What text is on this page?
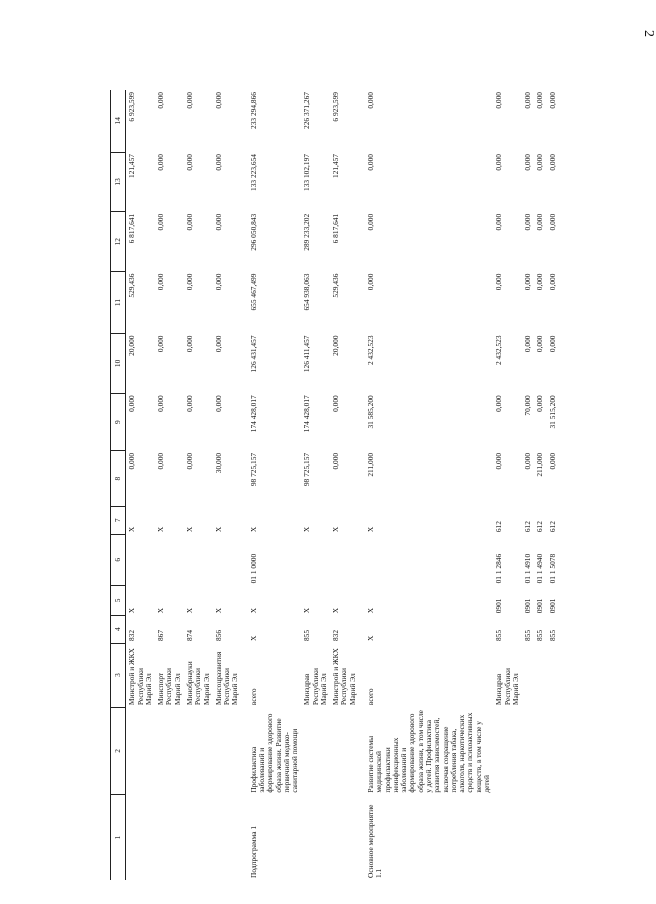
2
1	2	3	4	5	6	7	8	9	10	11	12	13	14
		Минстрой и ЖКХ Республики Марий Эл	832	Х		Х	0,000	0,000	20,000	529,436	6 817,641	121,457	6 923,599
		Минспорт Республики Марий Эл	867	Х		Х	0,000	0,000	0,000	0,000	0,000	0,000	0,000
		Минобрнауки Республики Марий Эл	874	Х		Х	0,000	0,000	0,000	0,000	0,000	0,000	0,000
		Минсоцразвития Республики Марий Эл	856	Х		Х	30,000	0,000	0,000	0,000	0,000	0,000	0,000
Подпрограмма 1	Профилактика заболеваний и формирование здорового образа жизни. Развитие первичной медико-санитарной помощи	всего	Х	Х	01 1 0000	Х	98 725,157	174 428,017	126 431,457	655 467,499	296 050,843	133 223,654	233 294,866
		Минздрав Республики Марий Эл	855	Х		Х	98 725,157	174 428,017	126 411,457	654 938,063	289 233,202	133 102,197	226 371,267
		Минстрой и ЖКХ Республики Марий Эл	832	Х		Х	0,000	0,000	20,000	529,436	6 817,641	121,457	6 923,599
Основное мероприятие 1.1	Развитие системы медицинской профилактики неинфекционных заболеваний и формирование здорового образа жизни, в том числе у детей. Профилактика развития зависимостей, включая сокращение потребления табака, алкоголя, наркотических средств и психоактивных веществ, в том числе у детей	всего	Х	Х		Х	211,000	31 585,200	2 432,523	0,000	0,000	0,000	0,000
		Минздрав Республики Марий Эл	855	0901	01 1 2846	612	0,000	0,000	2 432,523	0,000	0,000	0,000	0,000
			855	0901	01 1 4910	612	0,000	70,000	0,000	0,000	0,000	0,000	0,000
			855	0901	01 1 4940	612	211,000	0,000	0,000	0,000	0,000	0,000	0,000
			855	0901	01 1 5078	612	0,000	31 515,200	0,000	0,000	0,000	0,000	0,000
